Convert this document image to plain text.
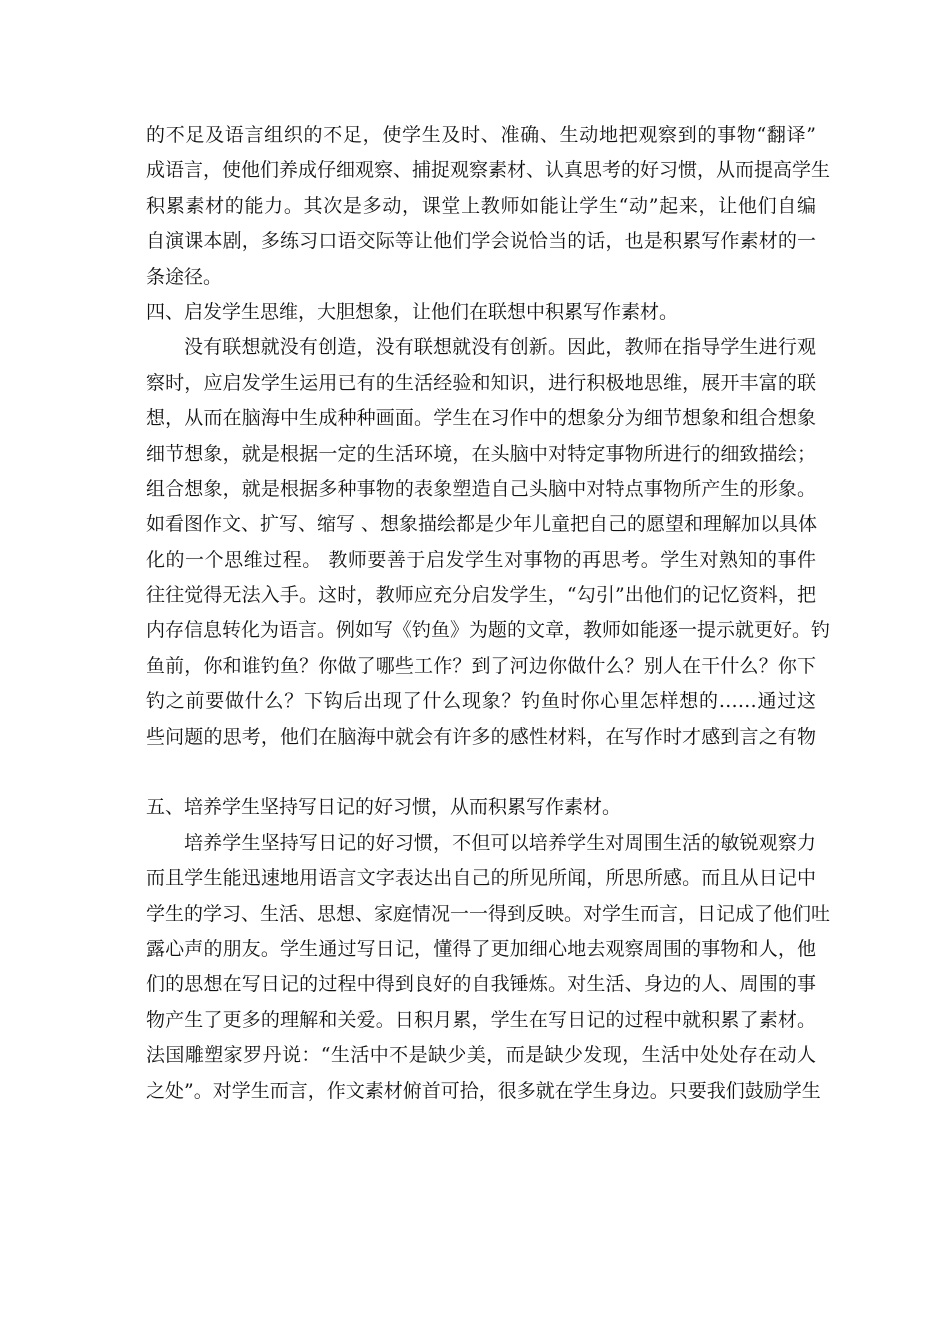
的不足及语言组织的不足，使学生及时、准确、生动地把观察到的事物“翻译”
成语言，使他们养成仔细观察、捕捉观察素材、认真思考的好习惯，从而提高学生
积累素材的能力。其次是多动，课堂上教师如能让学生“动”起来，让他们自编
自演课本剧，多练习口语交际等让他们学会说恰当的话，也是积累写作素材的一
条途径。
四、启发学生思维，大胆想象，让他们在联想中积累写作素材。
没有联想就没有创造，没有联想就没有创新。因此，教师在指导学生进行观
察时，应启发学生运用已有的生活经验和知识，进行积极地思维，展开丰富的联
想，从而在脑海中生成种种画面。学生在习作中的想象分为细节想象和组合想象
细节想象，就是根据一定的生活环境，在头脑中对特定事物所进行的细致描绘；
组合想象，就是根据多种事物的表象塑造自己头脑中对特点事物所产生的形象。
如看图作文、扩写、缩写 、想象描绘都是少年儿童把自己的愿望和理解加以具体
化的一个思维过程。 教师要善于启发学生对事物的再思考。学生对熟知的事件
往往觉得无法入手。这时，教师应充分启发学生，“勾引”出他们的记忆资料，把
内存信息转化为语言。例如写《钓鱼》为题的文章，教师如能逐一提示就更好。钓
鱼前，你和谁钓鱼？你做了哪些工作？到了河边你做什么？别人在干什么？你下
钓之前要做什么？下钩后出现了什么现象？钓鱼时你心里怎样想的……通过这
些问题的思考，他们在脑海中就会有许多的感性材料，在写作时才感到言之有物
五、培养学生坚持写日记的好习惯，从而积累写作素材。
培养学生坚持写日记的好习惯，不但可以培养学生对周围生活的敏锐观察力
而且学生能迅速地用语言文字表达出自己的所见所闻，所思所感。而且从日记中
学生的学习、生活、思想、家庭情况一一得到反映。对学生而言，日记成了他们吐
露心声的朋友。学生通过写日记，懂得了更加细心地去观察周围的事物和人，他
们的思想在写日记的过程中得到良好的自我锤炼。对生活、身边的人、周围的事
物产生了更多的理解和关爱。日积月累，学生在写日记的过程中就积累了素材。
法国雕塑家罗丹说：“生活中不是缺少美，而是缺少发现，生活中处处存在动人
之处”。对学生而言，作文素材俯首可拾，很多就在学生身边。只要我们鼓励学生
